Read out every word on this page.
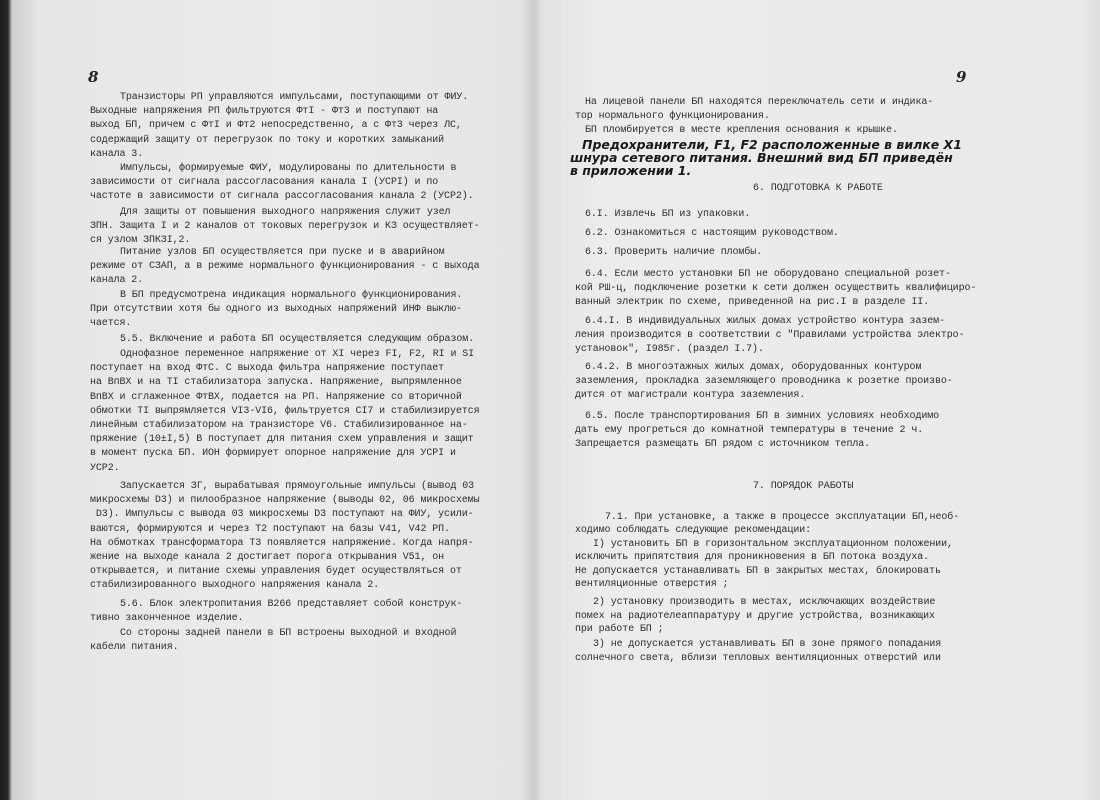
8
Транзисторы РП управляются импульсами, поступающими от ФИУ.
Выходные напряжения РП фильтруются ФтI - Фт3 и поступают на
выход БП, причем с ФтI и Фт2 непосредственно, а с Фт3 через ЛС,
содержащий защиту от перегрузок по току и коротких замыканий
канала 3.
Импульсы, формируемые ФИУ, модулированы по длительности в
зависимости от сигнала рассогласования канала I (УСРI) и по
частоте в зависимости от сигнала рассогласования канала 2 (УСР2).
Для защиты от повышения выходного напряжения служит узел
ЗПН. Защита I и 2 каналов от токовых перегрузок и КЗ осуществляет-
ся узлом ЗПКЗI,2.
Питание узлов БП осуществляется при пуске и в аварийном
режиме от СЗАП, а в режиме нормального функционирования - с выхода
канала 2.
В БП предусмотрена индикация нормального функционирования.
При отсутствии хотя бы одного из выходных напряжений ИНФ выклю-
чается.
5.5. Включение и работа БП осуществляется следующим образом.
Однофазное переменное напряжение от XI через FI, F2, RI и SI
поступает на вход ФтС. С выхода фильтра напряжение поступает
на ВпВХ и на TI стабилизатора запуска. Напряжение, выпрямленное
ВпВХ и сглаженное ФтВХ, подается на РП. Напряжение со вторичной
обмотки TI выпрямляется VI3-VI6, фильтруется CI7 и стабилизируется
линейным стабилизатором на транзисторе V6. Стабилизированное на-
пряжение (10±I,5) В поступает для питания схем управления и защит
в момент пуска БП. ИОН формирует опорное напряжение для УСРI и
УСР2.
Запускается ЗГ, вырабатывая прямоугольные импульсы (вывод 03
микросхемы D3) и пилообразное напряжение (выводы 02, 06 микросхемы
D3). Импульсы с вывода 03 микросхемы D3 поступают на ФИУ, усили-
ваются, формируются и через Т2 поступают на базы V41, V42 РП.
На обмотках трансформатора Т3 появляется напряжение. Когда напря-
жение на выходе канала 2 достигает порога открывания V51, он
открывается, и питание схемы управления будет осуществляться от
стабилизированного выходного напряжения канала 2.
5.6. Блок электропитания В266 представляет собой конструк-
тивно законченное изделие.
Со стороны задней панели в БП встроены выходной и входной
кабели питания.
9
На лицевой панели БП находятся переключатель сети и индика-
тор нормального функционирования.
БП пломбируется в месте крепления основания к крышке.
Предохранители, F1, F2 расположенные в вилке X1
шнура сетевого питания. Внешний вид БП приведён
в приложении 1.
6. ПОДГОТОВКА К РАБОТЕ
6.I. Извлечь БП из упаковки.
6.2. Ознакомиться с настоящим руководством.
6.3. Проверить наличие пломбы.
6.4. Если место установки БП не оборудовано специальной розет-
кой РШ-ц, подключение розетки к сети должен осуществить квалифициро-
ванный электрик по схеме, приведенной на рис.I в разделе II.
6.4.I. В индивидуальных жилых домах устройство контура зазем-
ления производится в соответствии с "Правилами устройства электро-
установок", I985г. (раздел I.7).
6.4.2. В многоэтажных жилых домах, оборудованных контуром
заземления, прокладка заземляющего проводника к розетке произво-
дится от магистрали контура заземления.
6.5. После транспортирования БП в зимних условиях необходимо
дать ему прогреться до комнатной температуры в течение 2 ч.
Запрещается размещать БП рядом с источником тепла.
7. ПОРЯДОК РАБОТЫ
7.1. При установке, а также в процессе эксплуатации БП,необ-
ходимо соблюдать следующие рекомендации:
I) установить БП в горизонтальном эксплуатационном положении,
исключить припятствия для проникновения в БП потока воздуха.
Не допускается устанавливать БП в закрытых местах, блокировать
вентиляционные отверстия ;
2) установку производить в местах, исключающих воздействие
помех на радиотелеаппаратуру и другие устройства, возникающих
при работе БП ;
3) не допускается устанавливать БП в зоне прямого попадания
солнечного света, вблизи тепловых вентиляционных отверстий или
